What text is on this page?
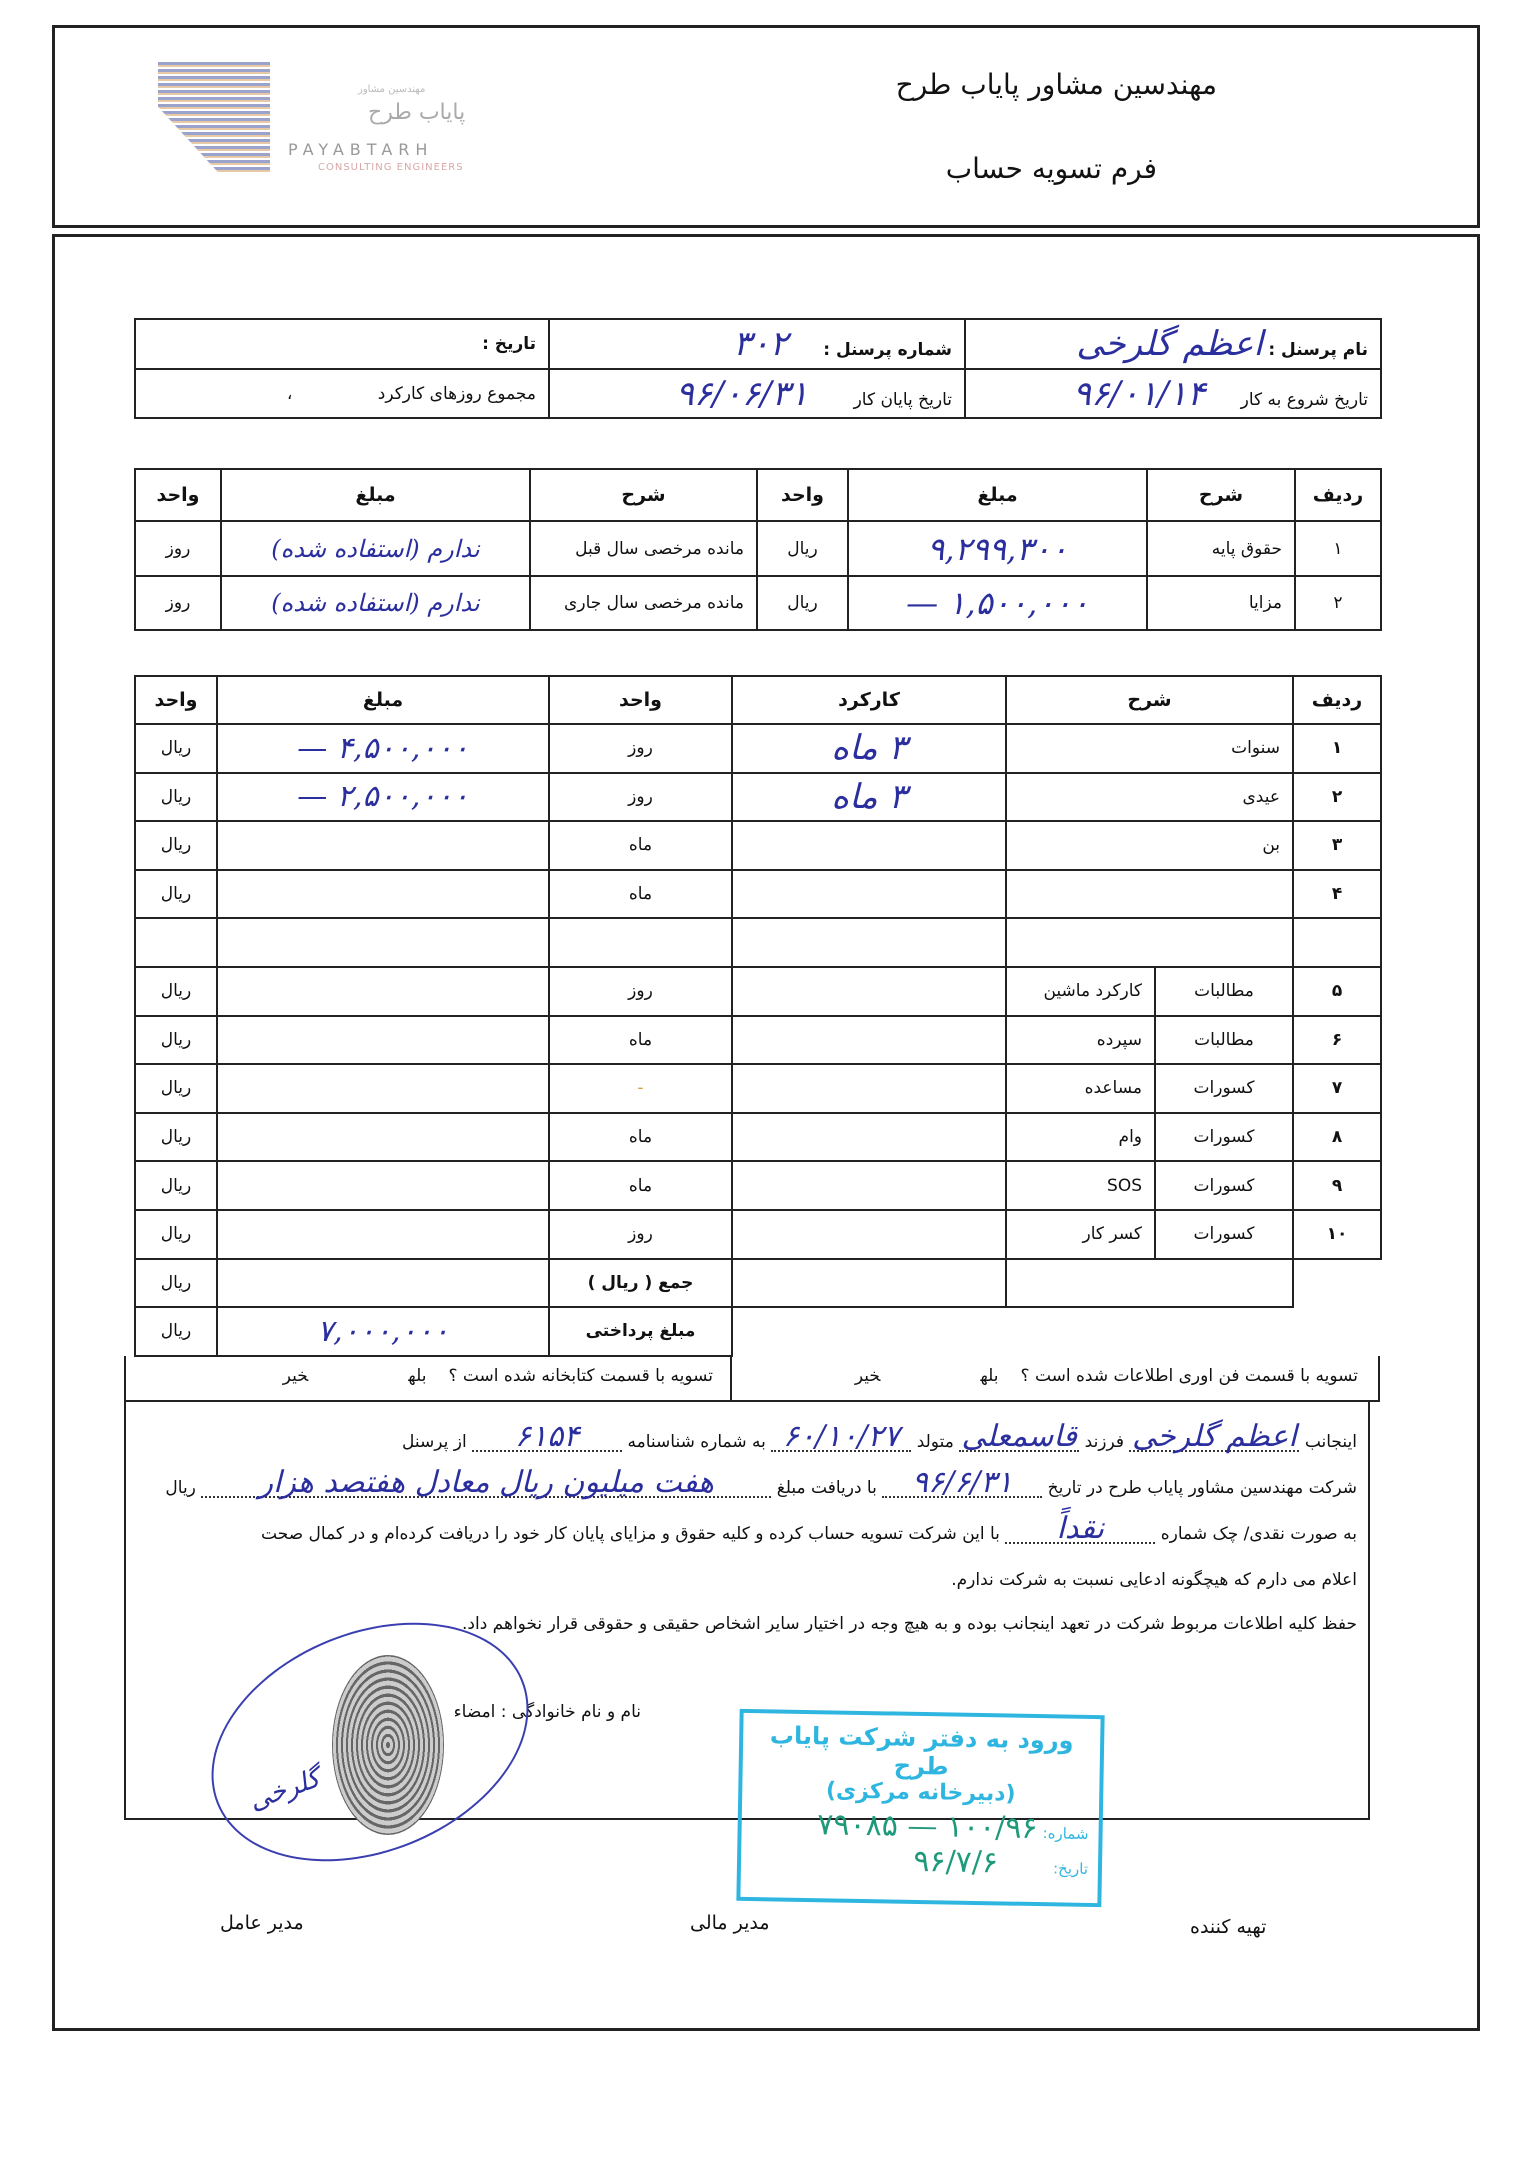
مهندسین مشاور
پایاب طرح
PAYABTARH
CONSULTING ENGINEERS
مهندسین مشاور پایاب طرح
فرم تسویه حساب
نام پرسنل : اعظم گلرخی	شماره پرسنل : ۳۰۲	تاریخ :
تاریخ شروع به کار ۹۶/۰۱/۱۴	تاریخ پایان کار ۹۶/۰۶/۳۱	مجموع روزهای کارکرد ،
ردیف	شرح	مبلغ	واحد	شرح	مبلغ	واحد
۱	حقوق پایه	۹,۲۹۹,۳۰۰	ریال	مانده مرخصی سال قبل	ندارم (استفاده شده)	روز
۲	مزایا	۱,۵۰۰,۰۰۰ —	ریال	مانده مرخصی سال جاری	ندارم (استفاده شده)	روز
ردیف	شرح		کارکرد	واحد	مبلغ	واحد
۱	سنوات		۳ ماه	روز	۴,۵۰۰,۰۰۰ —	ریال
۲	عیدی		۳ ماه	روز	۲,۵۰۰,۰۰۰ —	ریال
۳	بن			ماه		ریال
۴				ماه		ریال

۵	مطالبات	کارکرد ماشین		روز		ریال
۶	مطالبات	سپرده		ماه		ریال
۷	کسورات	مساعده		-		ریال
۸	کسورات	وام		ماه		ریال
۹	کسورات	SOS		ماه		ریال
۱۰	کسورات	کسر کار		روز		ریال
				جمع ( ریال )		ریال
				مبلغ پرداختی	۷,۰۰۰,۰۰۰	ریال
تسویه با قسمت فن اوری اطلاعات شده است ؟بلهخیر
تسویه با قسمت کتابخانه شده است ؟بلهخیر
اینجانب
اعظم گلرخی
فرزند
قاسمعلی
متولد
۶۰/۱۰/۲۷
به شماره شناسنامه
۶۱۵۴
از پرسنل
شرکت مهندسین مشاور پایاب طرح در تاریخ
۹۶/۶/۳۱
با دریافت مبلغ
هفت میلیون ریال معادل هفتصد هزار
ریال
به صورت نقدی/ چک شماره
نقداً
با این شرکت تسویه حساب کرده و کلیه حقوق و مزایای پایان کار خود را دریافت کرده‌ام و در کمال صحت
اعلام می دارم که هیچگونه ادعایی نسبت به شرکت ندارم.
حفظ کلیه اطلاعات مربوط شرکت در تعهد اینجانب بوده و به هیچ وجه در اختیار سایر اشخاص حقیقی و حقوقی قرار نخواهم داد.
نام و نام خانوادگی : امضاء
گلرخی
ورود به دفتر شرکت پایاب طرح
(دبیرخانه مرکزی)
شماره: ۱۰۰/۹۶ — ۷۹۰۸۵
تاریخ: ۹۶/۷/۶
تهیه کننده
مدیر مالی
مدیر عامل
